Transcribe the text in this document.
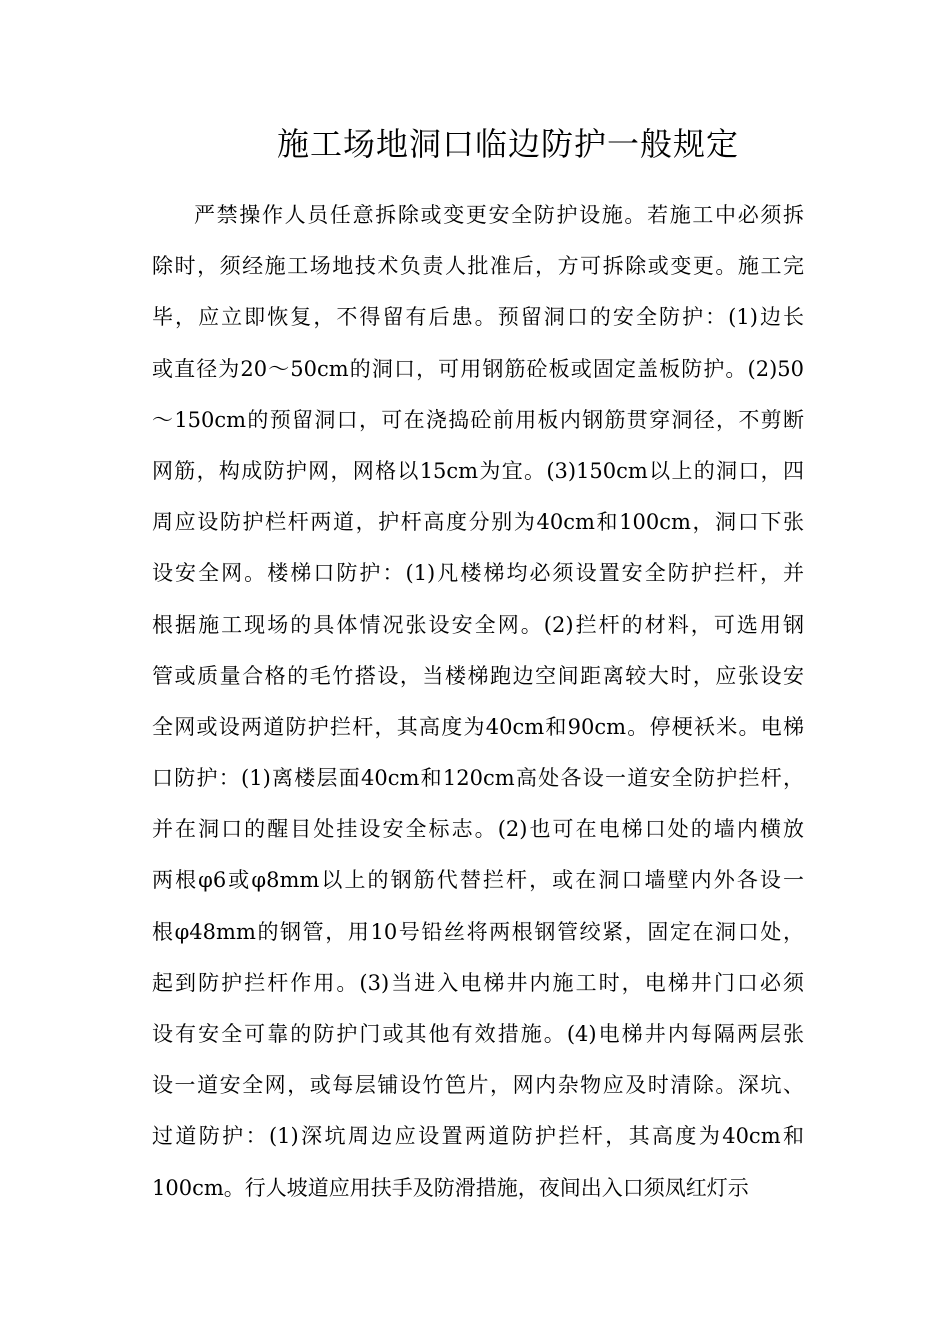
施工场地洞口临边防护一般规定
严禁操作人员任意拆除或变更安全防护设施。若施工中必须拆
除时，须经施工场地技术负责人批准后，方可拆除或变更。施工完
毕，应立即恢复，不得留有后患。预留洞口的安全防护：(1)边长
或直径为20～50cm的洞口，可用钢筋砼板或固定盖板防护。(2)50
～150cm的预留洞口，可在浇捣砼前用板内钢筋贯穿洞径，不剪断
网筋，构成防护网，网格以15cm为宜。(3)150cm以上的洞口，四
周应设防护栏杆两道，护杆高度分别为40cm和100cm，洞口下张
设安全网。楼梯口防护：(1)凡楼梯均必须设置安全防护拦杆，并
根据施工现场的具体情况张设安全网。(2)拦杆的材料，可选用钢
管或质量合格的毛竹搭设，当楼梯跑边空间距离较大时，应张设安
全网或设两道防护拦杆，其高度为40cm和90cm。停梗袄米。电梯
口防护：(1)离楼层面40cm和120cm高处各设一道安全防护拦杆，
并在洞口的醒目处挂设安全标志。(2)也可在电梯口处的墙内横放
两根φ6或φ8mm以上的钢筋代替拦杆，或在洞口墙壁内外各设一
根φ48mm的钢管，用10号铅丝将两根钢管绞紧，固定在洞口处，
起到防护拦杆作用。(3)当进入电梯井内施工时，电梯井门口必须
设有安全可靠的防护门或其他有效措施。(4)电梯井内每隔两层张
设一道安全网，或每层铺设竹笆片，网内杂物应及时清除。深坑、
过道防护：(1)深坑周边应设置两道防护拦杆，其高度为40cm和
100cm。行人坡道应用扶手及防滑措施，夜间出入口须凤红灯示
